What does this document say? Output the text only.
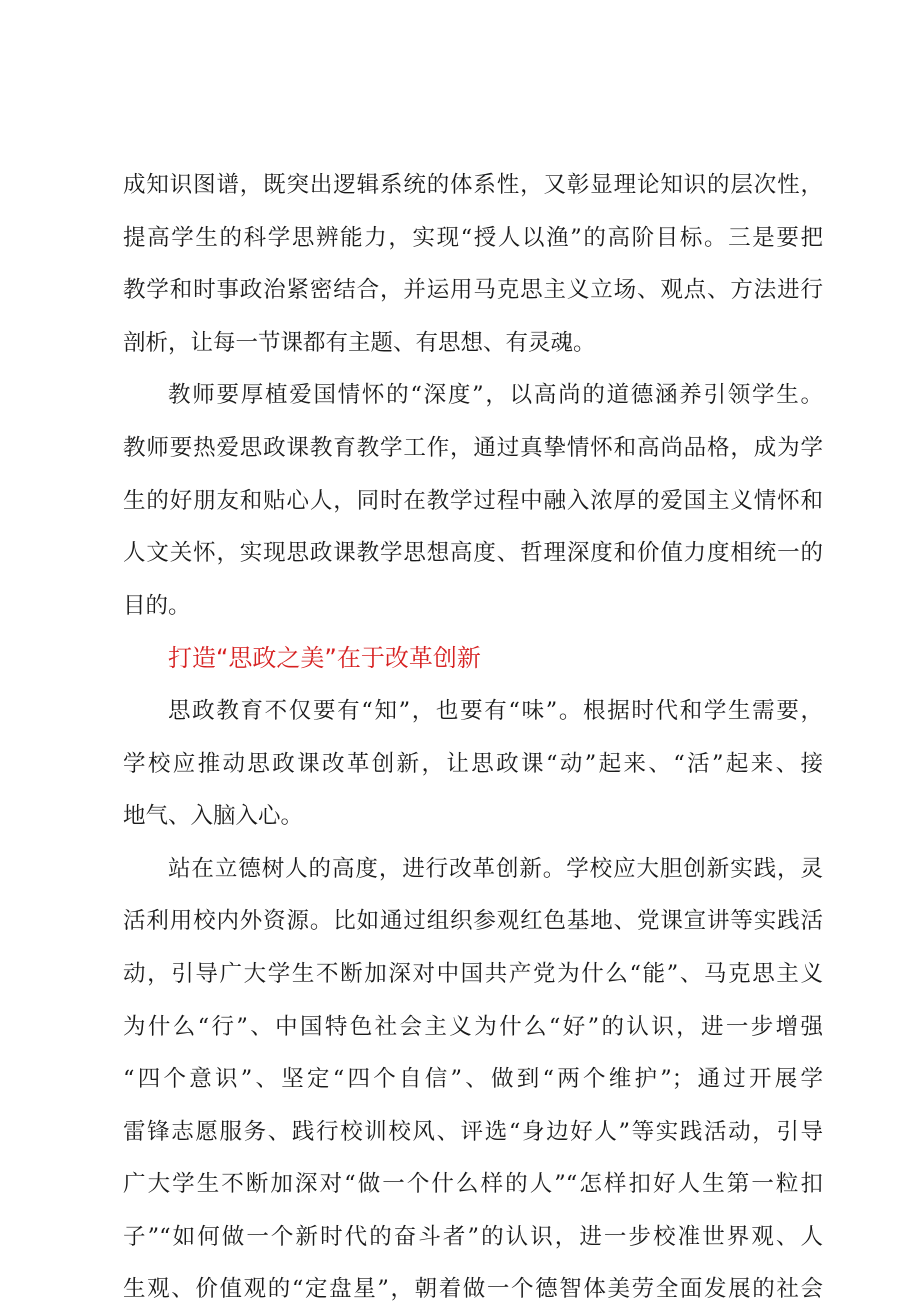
成知识图谱，既突出逻辑系统的体系性，又彰显理论知识的层次性，
提高学生的科学思辨能力，实现“授人以渔”的高阶目标。三是要把
教学和时事政治紧密结合，并运用马克思主义立场、观点、方法进行
剖析，让每一节课都有主题、有思想、有灵魂。
教师要厚植爱国情怀的“深度”，以高尚的道德涵养引领学生。
教师要热爱思政课教育教学工作，通过真挚情怀和高尚品格，成为学
生的好朋友和贴心人，同时在教学过程中融入浓厚的爱国主义情怀和
人文关怀，实现思政课教学思想高度、哲理深度和价值力度相统一的
目的。
打造“思政之美”在于改革创新
思政教育不仅要有“知”，也要有“味”。根据时代和学生需要，
学校应推动思政课改革创新，让思政课“动”起来、“活”起来、接
地气、入脑入心。
站在立德树人的高度，进行改革创新。学校应大胆创新实践，灵
活利用校内外资源。比如通过组织参观红色基地、党课宣讲等实践活
动，引导广大学生不断加深对中国共产党为什么“能”、马克思主义
为什么“行”、中国特色社会主义为什么“好”的认识，进一步增强
“四个意识”、坚定“四个自信”、做到“两个维护”；通过开展学
雷锋志愿服务、践行校训校风、评选“身边好人”等实践活动，引导
广大学生不断加深对“做一个什么样的人”“怎样扣好人生第一粒扣
子”“如何做一个新时代的奋斗者”的认识，进一步校准世界观、人
生观、价值观的“定盘星”，朝着做一个德智体美劳全面发展的社会
